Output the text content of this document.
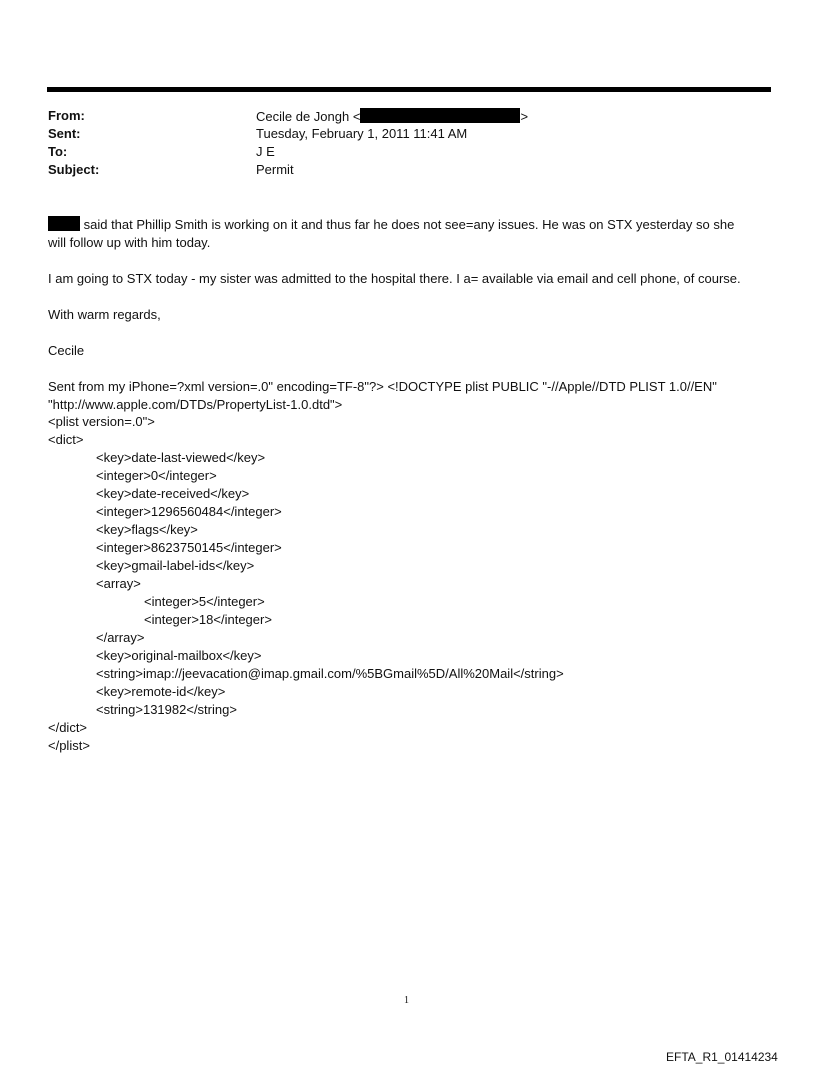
From:	Cecile de Jongh <	>
Sent:	Tuesday, February 1, 2011 11:41 AM
To:	J E
Subject:	Permit
said that Phillip Smith is working on it and thus far he does not see=any issues. He was on STX yesterday so she
will follow up with him today.
I am going to STX today - my sister was admitted to the hospital there. I a= available via email and cell phone, of course.
With warm regards,
Cecile
Sent from my iPhone=?xml version=.0" encoding=TF-8"?> <!DOCTYPE plist PUBLIC "-//Apple//DTD PLIST 1.0//EN"
"http://www.apple.com/DTDs/PropertyList-1.0.dtd">
<plist version=.0">
<dict>
<key>date-last-viewed</key>
<integer>0</integer>
<key>date-received</key>
<integer>1296560484</integer>
<key>flags</key>
<integer>8623750145</integer>
<key>gmail-label-ids</key>
<array>
<integer>5</integer>
<integer>18</integer>
</array>
<key>original-mailbox</key>
<string>imap://jeevacation@imap.gmail.com/%5BGmail%5D/All%20Mail</string>
<key>remote-id</key>
<string>131982</string>
</dict>
</plist>
1
EFTA_R1_01414234
